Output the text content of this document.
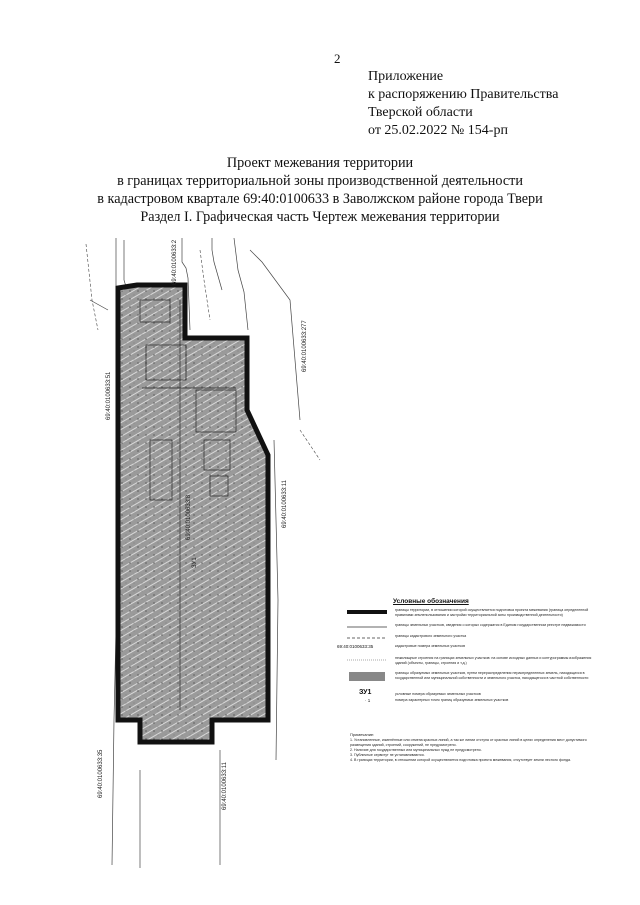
2
Приложение
к распоряжению Правительства
Тверской области
от 25.02.2022 № 154-рп
Проект межевания территории
в границах территориальной зоны производственной деятельности
в кадастровом квартале 69:40:0100633 в Заволжском районе города Твери
Раздел I. Графическая часть Чертеж межевания территории
ЗУ1
69:40:0100633:2
69:40:0100633:277
69:40:0100633:51
69:40:0100633:11
69:40:0100633:8
69:40:0100633:35	69:40:0100633:11
Условные обозначения
границы территории, в отношении которой осуществляется подготовка проекта межевания (граница определенной правилами землепользования и застройки территориальной зоны производственной деятельности)
границы земельных участков, сведения о которых содержатся в Едином государственном реестре недвижимости
границы кадастрового земельного участка
69:40:0100633:35	кадастровые номера земельных участков
нежилищные строения на границах земельных участков: на основе исходных данных и контурограммы изображения зданий (объекты, границы, строения и т.д.)
границы образуемых земельных участков, путем перераспределения нераспределенных земель, находящихся в государственной или муниципальной собственности и земельного участка, находящегося в частной собственности
ЗУ1	условные номера образуемых земельных участков
· 1	номера характерных точек границ образуемых земельных участков
Примечание:
1. Установленные, изменённые или отмена красных линий, а так же линии отступа от красных линий в целях определения мест допустимого размещения зданий, строений, сооружений, не предусмотрено.
2. Наличие для государственных или муниципальных нужд не предусмотрено.
3. Публичные сервитут не устанавливаются.
4. В границах территории, в отношении которой осуществляется подготовка проекта межевания, отсутствует земли лесного фонда.
